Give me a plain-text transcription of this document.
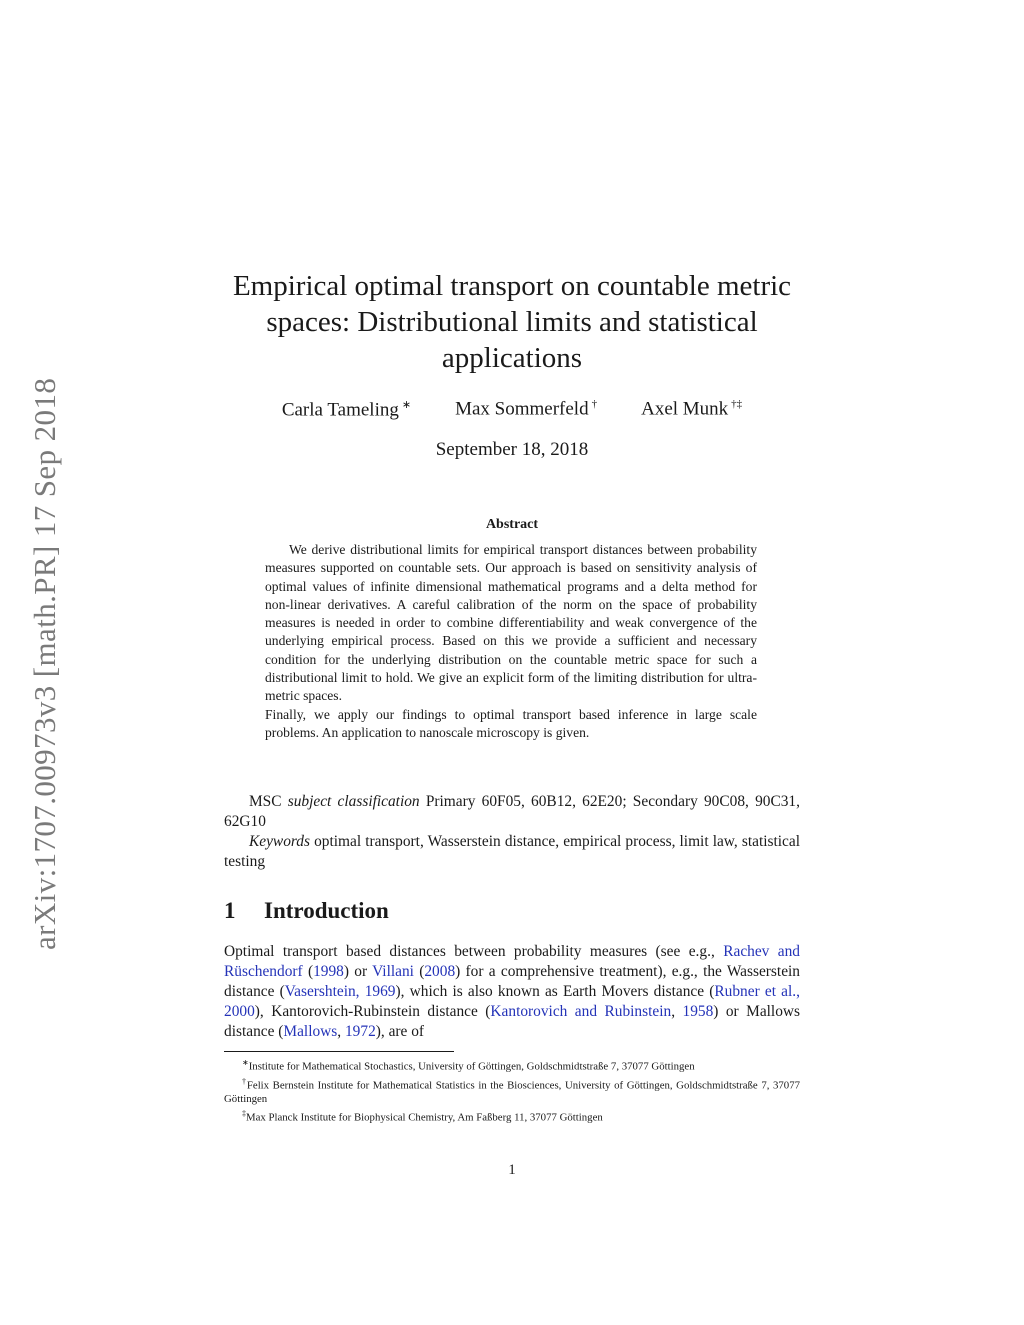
arXiv:1707.00973v3 [math.PR] 17 Sep 2018
Empirical optimal transport on countable metric
spaces: Distributional limits and statistical
applications
Carla Tameling ∗ Max Sommerfeld † Axel Munk †‡
September 18, 2018
Abstract

We derive distributional limits for empirical transport distances between probability measures supported on countable sets. Our approach is based on sensitivity analysis of optimal values of infinite dimensional mathematical programs and a delta method for non-linear derivatives. A careful calibration of the norm on the space of probability measures is needed in order to combine differentiability and weak convergence of the underlying empirical process. Based on this we provide a sufficient and necessary condition for the underlying distribution on the countable metric space for such a distributional limit to hold. We give an explicit form of the limiting distribution for ultra-metric spaces.

Finally, we apply our findings to optimal transport based inference in large scale problems. An application to nanoscale microscopy is given.

MSC subject classification Primary 60F05, 60B12, 62E20; Secondary 90C08, 90C31, 62G10
Keywords optimal transport, Wasserstein distance, empirical process, limit law, statistical testing
1 Introduction
Optimal transport based distances between probability measures (see e.g., Rachev and Rüschendorf (1998) or Villani (2008) for a comprehensive treatment), e.g., the Wasserstein distance (Vasershtein, 1969), which is also known as Earth Movers distance (Rubner et al., 2000), Kantorovich-Rubinstein distance (Kantorovich and Rubinstein, 1958) or Mallows distance (Mallows, 1972), are of

∗Institute for Mathematical Stochastics, University of Göttingen, Goldschmidtstraße 7, 37077 Göttingen

†Felix Bernstein Institute for Mathematical Statistics in the Biosciences, University of Göttingen, Goldschmidtstraße 7, 37077 Göttingen

‡Max Planck Institute for Biophysical Chemistry, Am Faßberg 11, 37077 Göttingen

1
